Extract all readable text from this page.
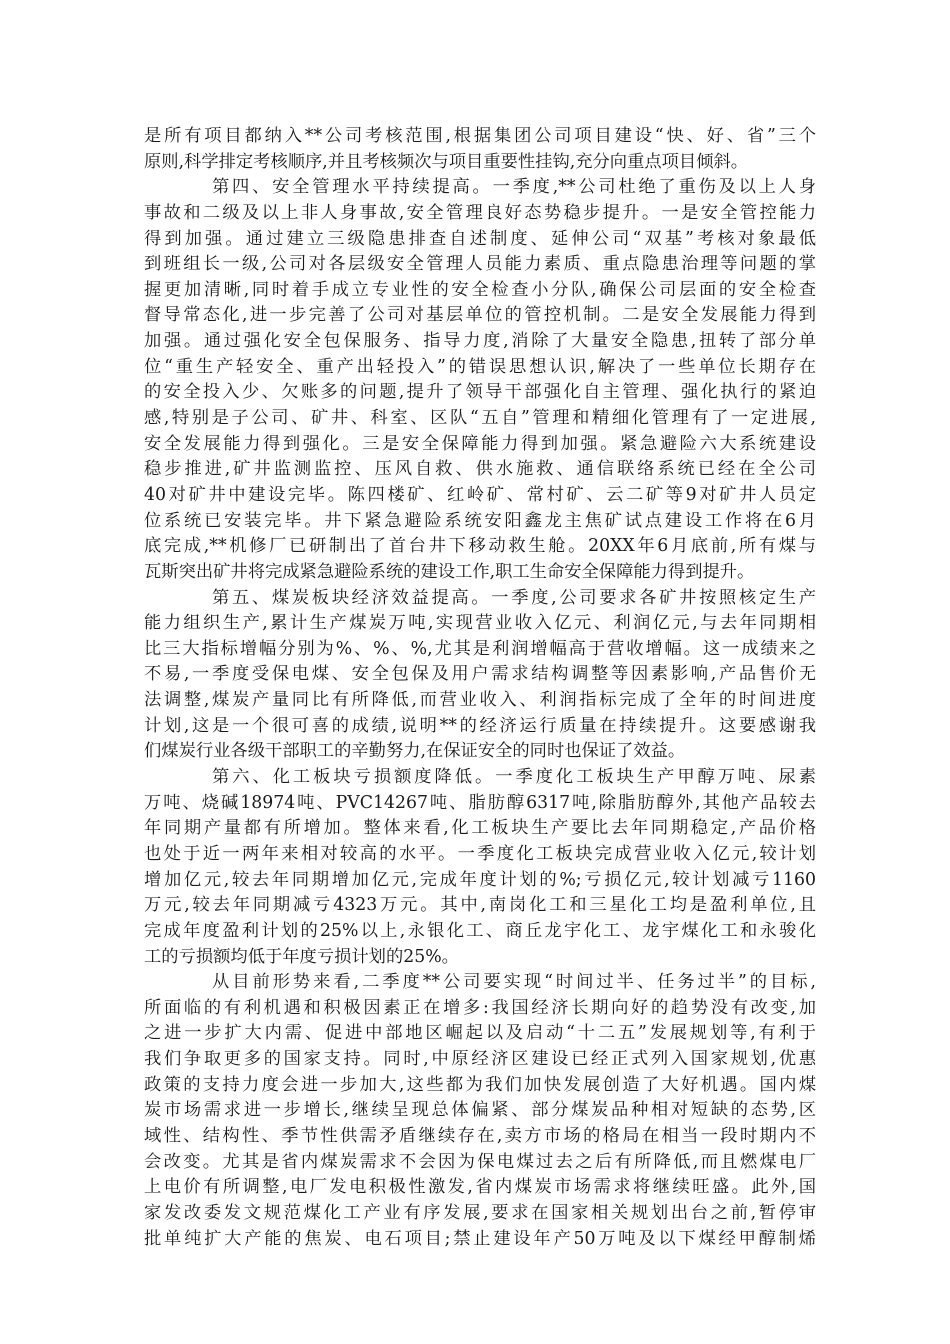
是所有项目都纳入**公司考核范围,根据集团公司项目建设“快、好、省”三个
原则,科学排定考核顺序,并且考核频次与项目重要性挂钩,充分向重点项目倾斜。
第四、安全管理水平持续提高。一季度,**公司杜绝了重伤及以上人身
事故和二级及以上非人身事故,安全管理良好态势稳步提升。一是安全管控能力
得到加强。通过建立三级隐患排查自述制度、延伸公司“双基”考核对象最低
到班组长一级,公司对各层级安全管理人员能力素质、重点隐患治理等问题的掌
握更加清晰,同时着手成立专业性的安全检查小分队,确保公司层面的安全检查
督导常态化,进一步完善了公司对基层单位的管控机制。二是安全发展能力得到
加强。通过强化安全包保服务、指导力度,消除了大量安全隐患,扭转了部分单
位“重生产轻安全、重产出轻投入”的错误思想认识,解决了一些单位长期存在
的安全投入少、欠账多的问题,提升了领导干部强化自主管理、强化执行的紧迫
感,特别是子公司、矿井、科室、区队“五自”管理和精细化管理有了一定进展,
安全发展能力得到强化。三是安全保障能力得到加强。紧急避险六大系统建设
稳步推进,矿井监测监控、压风自救、供水施救、通信联络系统已经在全公司
40对矿井中建设完毕。陈四楼矿、红岭矿、常村矿、云二矿等9对矿井人员定
位系统已安装完毕。井下紧急避险系统安阳鑫龙主焦矿试点建设工作将在6月
底完成,**机修厂已研制出了首台井下移动救生舱。20XX年6月底前,所有煤与
瓦斯突出矿井将完成紧急避险系统的建设工作,职工生命安全保障能力得到提升。
第五、煤炭板块经济效益提高。一季度,公司要求各矿井按照核定生产
能力组织生产,累计生产煤炭万吨,实现营业收入亿元、利润亿元,与去年同期相
比三大指标增幅分别为%、%、%,尤其是利润增幅高于营收增幅。这一成绩来之
不易,一季度受保电煤、安全包保及用户需求结构调整等因素影响,产品售价无
法调整,煤炭产量同比有所降低,而营业收入、利润指标完成了全年的时间进度
计划,这是一个很可喜的成绩,说明**的经济运行质量在持续提升。这要感谢我
们煤炭行业各级干部职工的辛勤努力,在保证安全的同时也保证了效益。
第六、化工板块亏损额度降低。一季度化工板块生产甲醇万吨、尿素
万吨、烧碱18974吨、PVC14267吨、脂肪醇6317吨,除脂肪醇外,其他产品较去
年同期产量都有所增加。整体来看,化工板块生产要比去年同期稳定,产品价格
也处于近一两年来相对较高的水平。一季度化工板块完成营业收入亿元,较计划
增加亿元,较去年同期增加亿元,完成年度计划的%;亏损亿元,较计划减亏1160
万元,较去年同期减亏4323万元。其中,南岗化工和三星化工均是盈利单位,且
完成年度盈利计划的25%以上,永银化工、商丘龙宇化工、龙宇煤化工和永骏化
工的亏损额均低于年度亏损计划的25%。
从目前形势来看,二季度**公司要实现“时间过半、任务过半”的目标,
所面临的有利机遇和积极因素正在增多:我国经济长期向好的趋势没有改变,加
之进一步扩大内需、促进中部地区崛起以及启动“十二五”发展规划等,有利于
我们争取更多的国家支持。同时,中原经济区建设已经正式列入国家规划,优惠
政策的支持力度会进一步加大,这些都为我们加快发展创造了大好机遇。国内煤
炭市场需求进一步增长,继续呈现总体偏紧、部分煤炭品种相对短缺的态势,区
域性、结构性、季节性供需矛盾继续存在,卖方市场的格局在相当一段时期内不
会改变。尤其是省内煤炭需求不会因为保电煤过去之后有所降低,而且燃煤电厂
上电价有所调整,电厂发电积极性激发,省内煤炭市场需求将继续旺盛。此外,国
家发改委发文规范煤化工产业有序发展,要求在国家相关规划出台之前,暂停审
批单纯扩大产能的焦炭、电石项目;禁止建设年产50万吨及以下煤经甲醇制烯
